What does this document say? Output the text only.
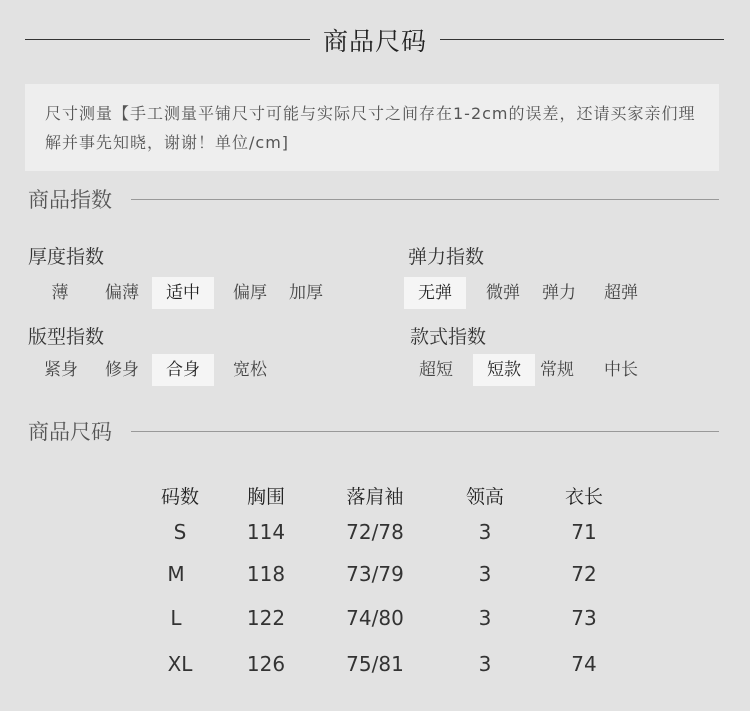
商品尺码
尺寸测量【手工测量平铺尺寸可能与实际尺寸之间存在1-2cm的误差，还请买家亲们理解并事先知晓，谢谢！单位/cm]
商品指数
厚度指数
薄	偏薄	适中	偏厚	加厚
弹力指数
无弹	微弹	弹力	超弹
版型指数
紧身	修身	合身	宽松
款式指数
超短	短款	常规	中长
商品尺码
码数	胸围	落肩袖	领高	衣长
S	114	72/78	3	71
M	118	73/79	3	72
L	122	74/80	3	73
XL	126	75/81	3	74
